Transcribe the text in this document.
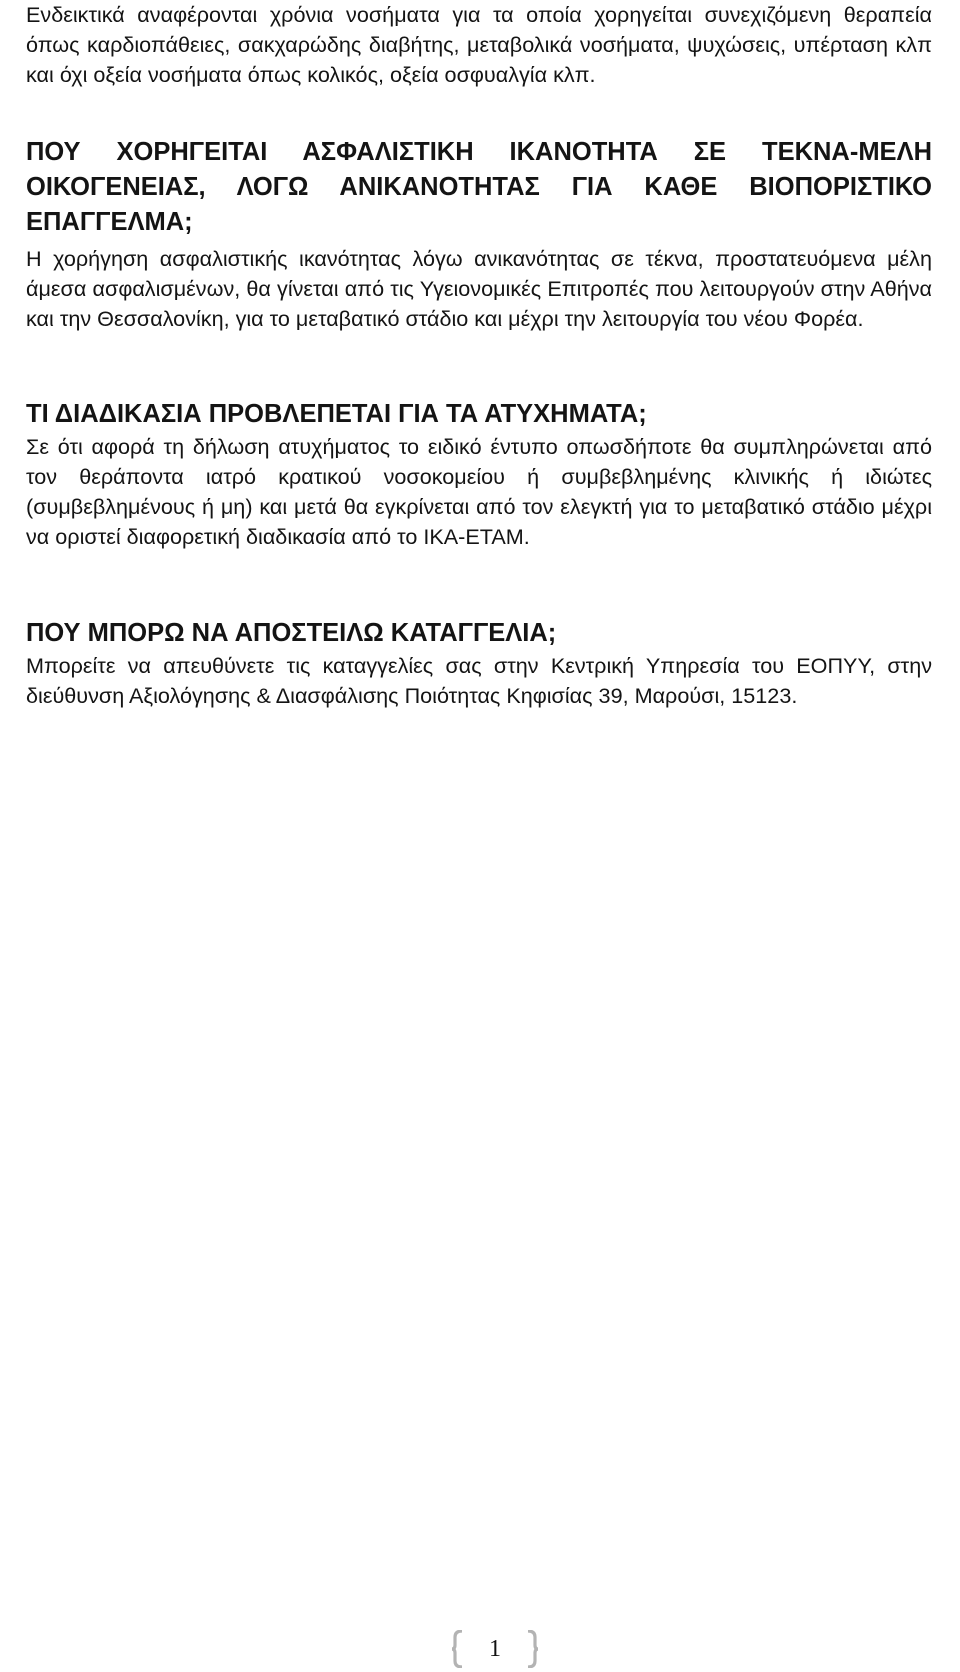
Ενδεικτικά αναφέρονται χρόνια νοσήματα για τα οποία χορηγείται συνεχιζόμενη θεραπεία όπως καρδιοπάθειες, σακχαρώδης διαβήτης, μεταβολικά νοσήματα, ψυχώσεις, υπέρταση κλπ και όχι οξεία νοσήματα όπως κολικός, οξεία οσφυαλγία κλπ.

ΠΟΥ ΧΟΡΗΓΕΙΤΑΙ ΑΣΦΑΛΙΣΤΙΚΗ ΙΚΑΝΟΤΗΤΑ ΣΕ ΤΕΚΝΑ-ΜΕΛΗ ΟΙΚΟΓΕΝΕΙΑΣ, ΛΟΓΩ ΑΝΙΚΑΝΟΤΗΤΑΣ ΓΙΑ ΚΑΘΕ ΒΙΟΠΟΡΙΣΤΙΚΟ ΕΠΑΓΓΕΛΜΑ;

Η χορήγηση ασφαλιστικής ικανότητας λόγω ανικανότητας σε τέκνα, προστατευόμενα μέλη άμεσα ασφαλισμένων, θα γίνεται από τις Υγειονομικές Επιτροπές που λειτουργούν στην Αθήνα και την Θεσσαλονίκη, για το μεταβατικό στάδιο και μέχρι την λειτουργία του νέου Φορέα.

ΤΙ ΔΙΑΔΙΚΑΣΙΑ ΠΡΟΒΛΕΠΕΤΑΙ ΓΙΑ ΤΑ ΑΤΥΧΗΜΑΤΑ;

Σε ότι αφορά τη δήλωση ατυχήματος το ειδικό έντυπο οπωσδήποτε θα συμπληρώνεται από τον θεράποντα ιατρό κρατικού νοσοκομείου ή συμβεβλημένης κλινικής ή ιδιώτες (συμβεβλημένους ή μη) και μετά θα εγκρίνεται από τον ελεγκτή για το μεταβατικό στάδιο μέχρι να οριστεί διαφορετική διαδικασία από το ΙΚΑ-ΕΤΑΜ.

ΠΟΥ ΜΠΟΡΩ ΝΑ ΑΠΟΣΤΕΙΛΩ ΚΑΤΑΓΓΕΛΙΑ;

Μπορείτε να απευθύνετε τις καταγγελίες σας στην Κεντρική Υπηρεσία του ΕΟΠΥΥ, στην διεύθυνση Αξιολόγησης & Διασφάλισης Ποιότητας Κηφισίας 39, Μαρούσι, 15123.

1
